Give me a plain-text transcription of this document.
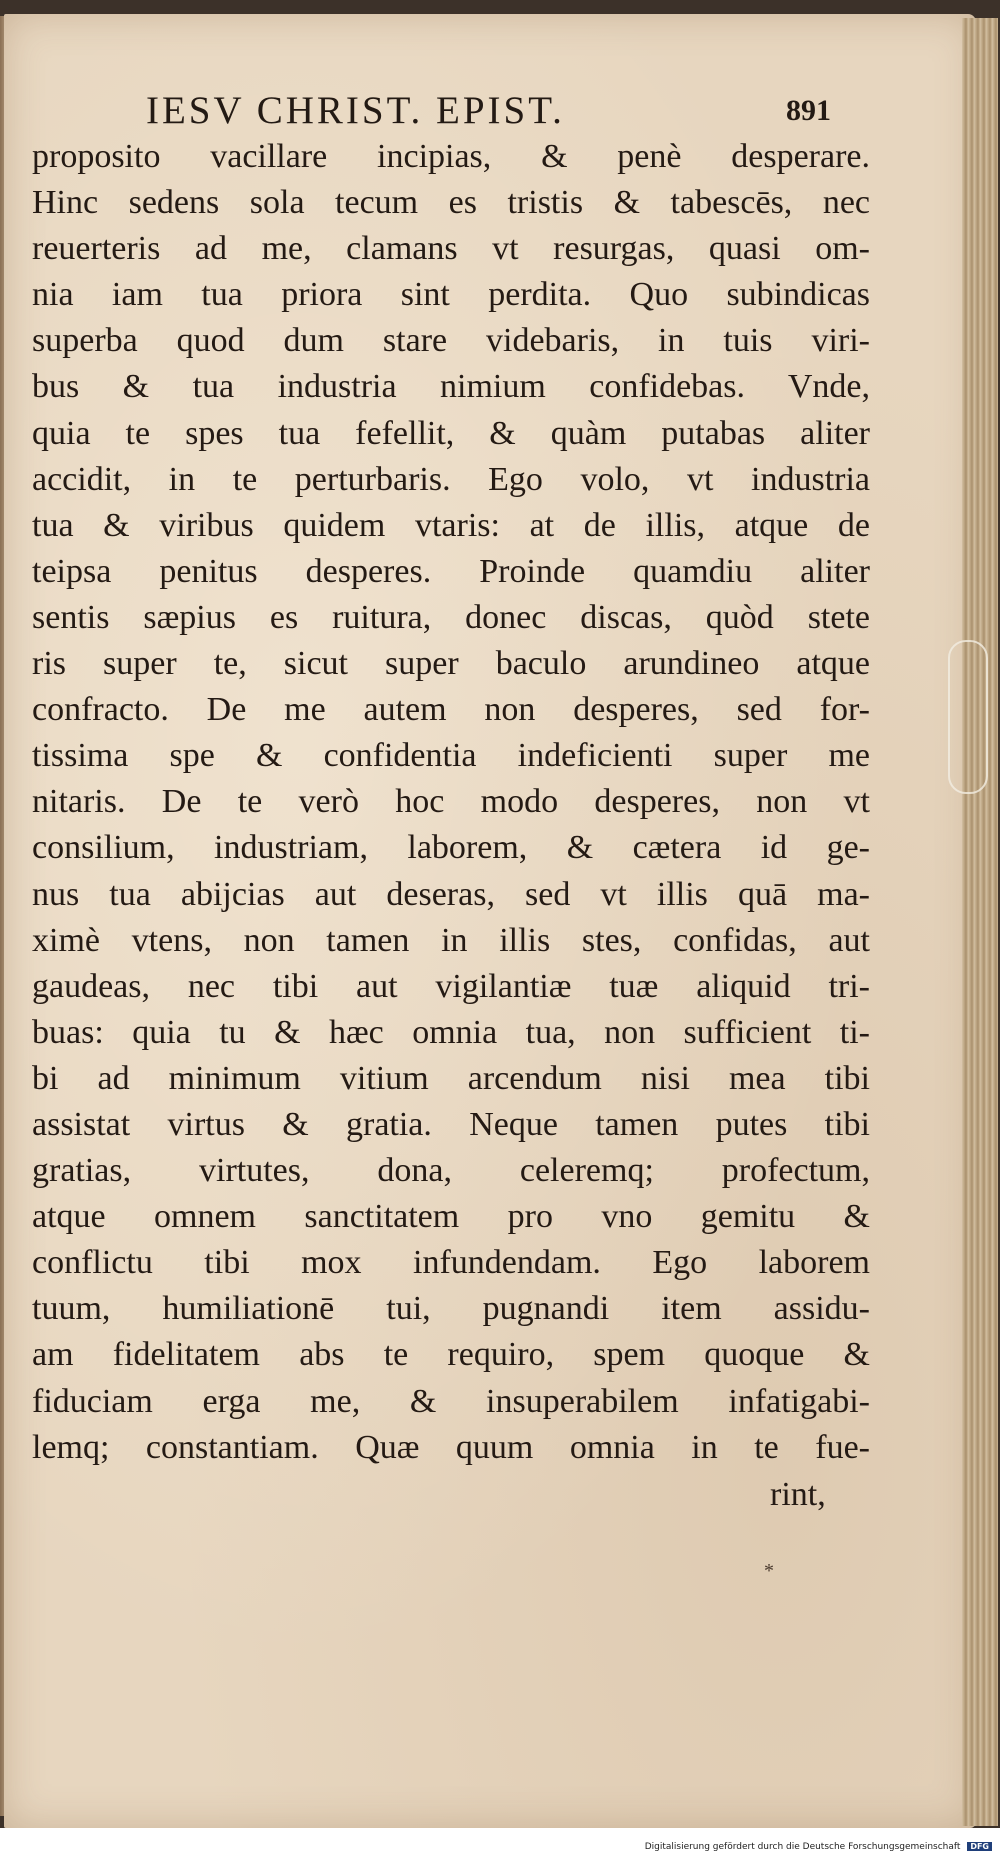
IESV CHRIST. EPIST.	891
proposito vacillare incipias, & penè desperare.
Hinc sedens sola tecum es tristis & tabescēs, nec
reuerteris ad me, clamans vt resurgas, quasi om-
nia iam tua priora sint perdita. Quo subindicas
superba quod dum stare videbaris, in tuis viri-
bus & tua industria nimium confidebas. Vnde,
quia te spes tua fefellit, & quàm putabas aliter
accidit, in te perturbaris. Ego volo, vt industria
tua & viribus quidem vtaris: at de illis, atque de
teipsa penitus desperes. Proinde quamdiu aliter
sentis sæpius es ruitura, donec discas, quòd stete
ris super te, sicut super baculo arundineo atque
confracto. De me autem non desperes, sed for-
tissima spe & confidentia indeficienti super me
nitaris. De te verò hoc modo desperes, non vt
consilium, industriam, laborem, & cætera id ge-
nus tua abijcias aut deseras, sed vt illis quā ma-
ximè vtens, non tamen in illis stes, confidas, aut
gaudeas, nec tibi aut vigilantiæ tuæ aliquid tri-
buas: quia tu & hæc omnia tua, non sufficient ti-
bi ad minimum vitium arcendum nisi mea tibi
assistat virtus & gratia. Neque tamen putes tibi
gratias, virtutes, dona, celeremq; profectum,
atque omnem sanctitatem pro vno gemitu &
conflictu tibi mox infundendam. Ego laborem
tuum, humiliationē tui, pugnandi item assidu-
am fidelitatem abs te requiro, spem quoque &
fiduciam erga me, & insuperabilem infatigabi-
lemq; constantiam. Quæ quum omnia in te fue-
rint,
*
Digitalisierung gefördert durch die Deutsche Forschungsgemeinschaft DFG
